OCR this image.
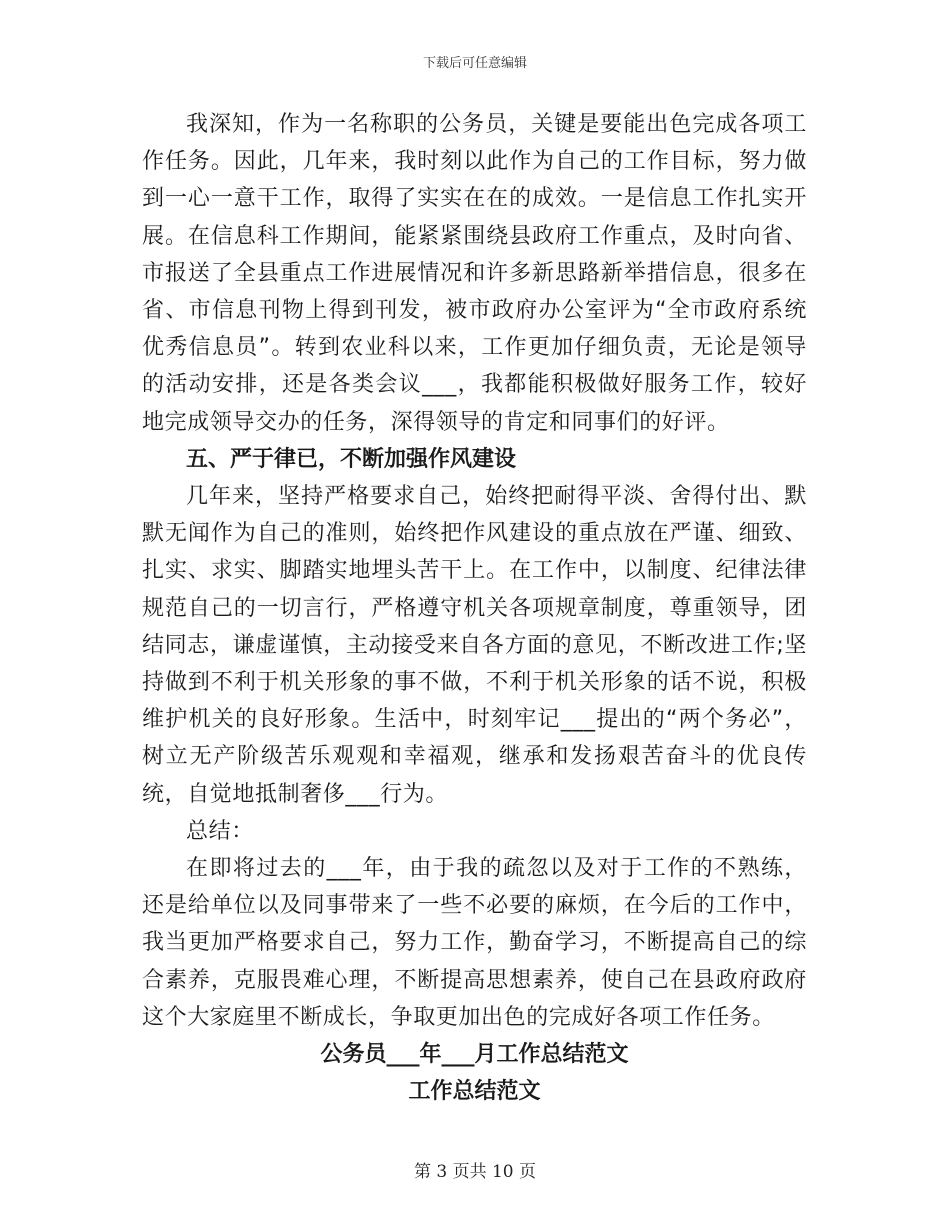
下载后可任意编辑

我深知，作为一名称职的公务员，关键是要能出色完成各项工作任务。因此，几年来，我时刻以此作为自己的工作目标，努力做到一心一意干工作，取得了实实在在的成效。一是信息工作扎实开展。在信息科工作期间，能紧紧围绕县政府工作重点，及时向省、市报送了全县重点工作进展情况和许多新思路新举措信息，很多在省、市信息刊物上得到刊发，被市政府办公室评为“全市政府系统优秀信息员”。转到农业科以来，工作更加仔细负责，无论是领导的活动安排，还是各类会议___，我都能积极做好服务工作，较好地完成领导交办的任务，深得领导的肯定和同事们的好评。

五、严于律已，不断加强作风建设

几年来，坚持严格要求自己，始终把耐得平淡、舍得付出、默默无闻作为自己的准则，始终把作风建设的重点放在严谨、细致、扎实、求实、脚踏实地埋头苦干上。在工作中，以制度、纪律法律规范自己的一切言行，严格遵守机关各项规章制度，尊重领导，团结同志，谦虚谨慎，主动接受来自各方面的意见，不断改进工作;坚持做到不利于机关形象的事不做，不利于机关形象的话不说，积极维护机关的良好形象。生活中，时刻牢记___提出的“两个务必”，树立无产阶级苦乐观观和幸福观，继承和发扬艰苦奋斗的优良传统，自觉地抵制奢侈___行为。

总结：

在即将过去的___年，由于我的疏忽以及对于工作的不熟练，还是给单位以及同事带来了一些不必要的麻烦，在今后的工作中，我当更加严格要求自己，努力工作，勤奋学习，不断提高自己的综合素养，克服畏难心理，不断提高思想素养，使自己在县政府政府这个大家庭里不断成长，争取更加出色的完成好各项工作任务。

公务员___年___月工作总结范文

工作总结范文

第 3 页共 10 页
